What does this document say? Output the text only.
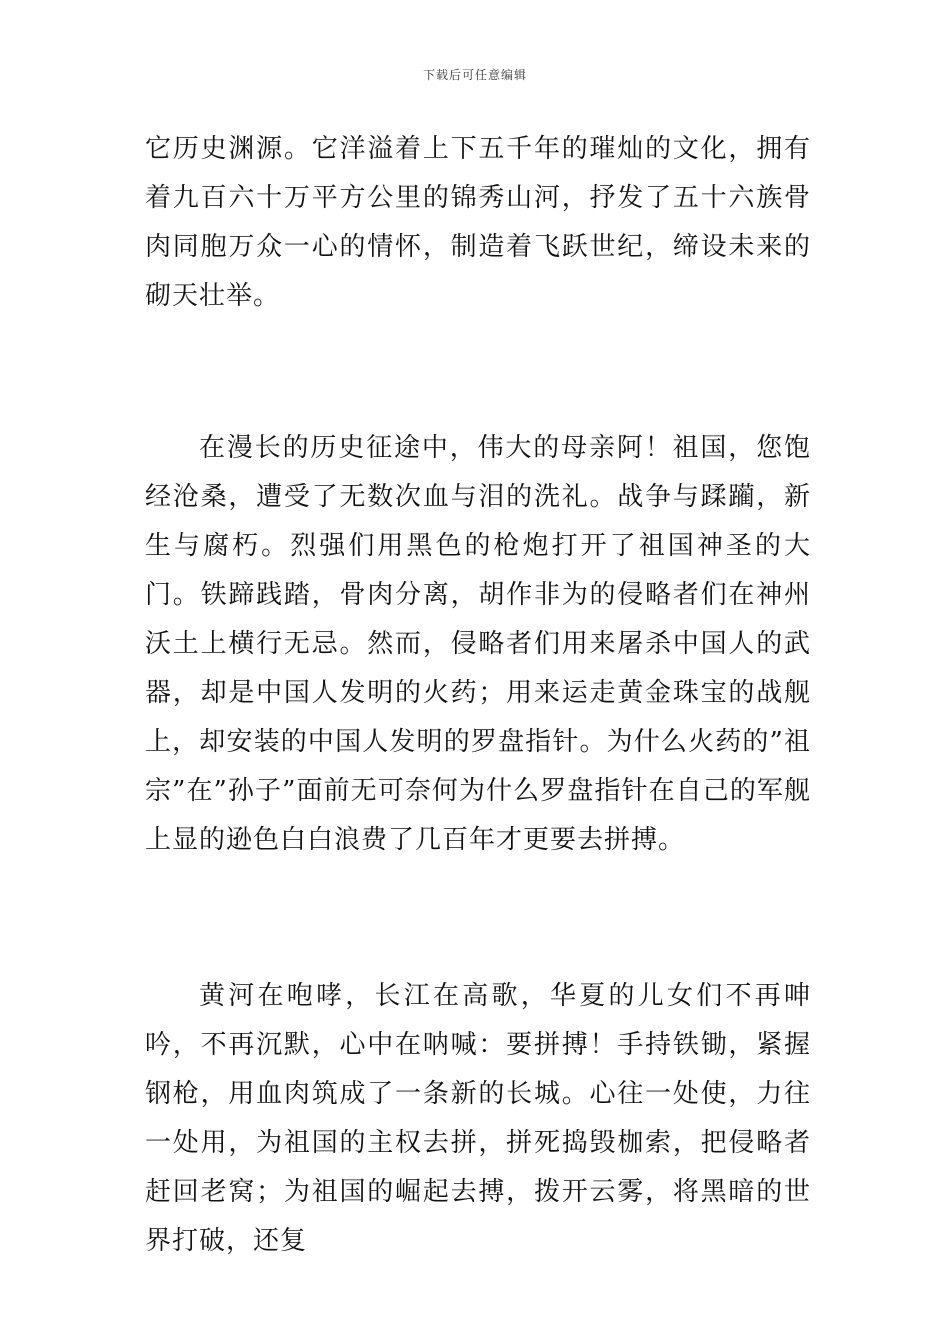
下载后可任意编辑

它历史渊源。它洋溢着上下五千年的璀灿的文化，拥有着九百六十万平方公里的锦秀山河，抒发了五十六族骨肉同胞万众一心的情怀，制造着飞跃世纪，缔设未来的砌天壮举。

在漫长的历史征途中，伟大的母亲阿！祖国，您饱经沧桑，遭受了无数次血与泪的洗礼。战争与蹂躏，新生与腐朽。烈强们用黑色的枪炮打开了祖国神圣的大门。铁蹄践踏，骨肉分离，胡作非为的侵略者们在神州沃土上横行无忌。然而，侵略者们用来屠杀中国人的武器，却是中国人发明的火药；用来运走黄金珠宝的战舰上，却安装的中国人发明的罗盘指针。为什么火药的”祖宗”在”孙子”面前无可奈何为什么罗盘指针在自己的军舰上显的逊色白白浪费了几百年才更要去拼搏。

黄河在咆哮，长江在高歌，华夏的儿女们不再呻吟，不再沉默，心中在呐喊：要拼搏！手持铁锄，紧握钢枪，用血肉筑成了一条新的长城。心往一处使，力往一处用，为祖国的主权去拼，拼死捣毁枷索，把侵略者赶回老窝；为祖国的崛起去搏，拨开云雾，将黑暗的世界打破，还复
